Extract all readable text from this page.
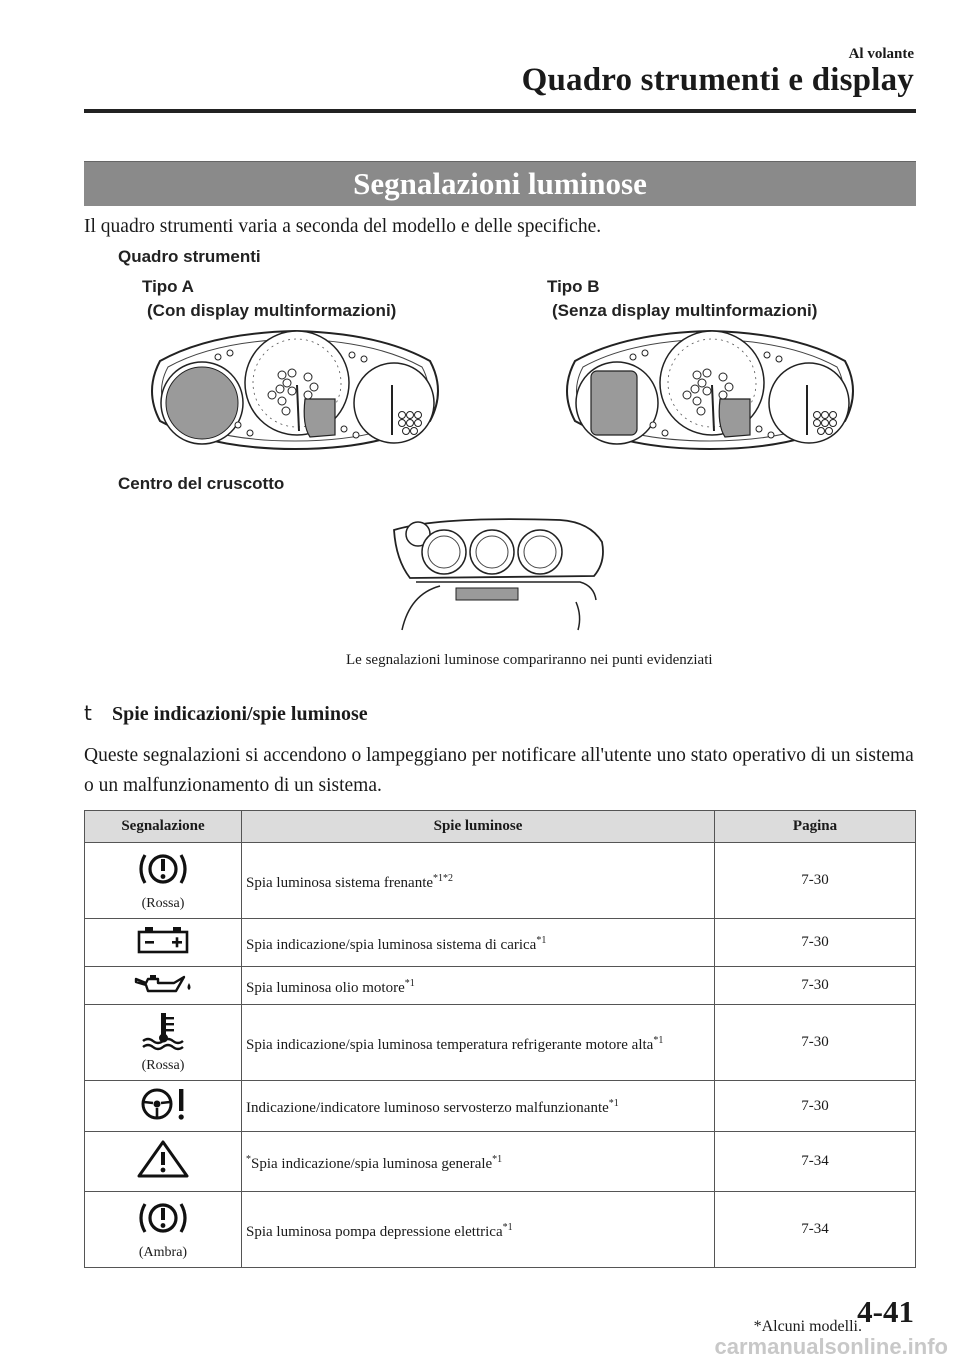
Al volante
Quadro strumenti e display
Segnalazioni luminose
Il quadro strumenti varia a seconda del modello e delle specifiche.
Quadro strumenti
Tipo A
(Con display multinformazioni)
Tipo B
(Senza display multinformazioni)
Centro del cruscotto
Le segnalazioni luminose compariranno nei punti evidenziati
t Spie indicazioni/spie luminose
Queste segnalazioni si accendono o lampeggiano per notificare all'utente uno stato operativo di un sistema o un malfunzionamento di un sistema.
Segnalazione	Spie luminose	Pagina

(Rossa)	Spia luminosa sistema frenante$^{*1*2}$	7-30
	Spia indicazione/spia luminosa sistema di carica$^{*1}$	7-30
	Spia luminosa olio motore$^{*1}$	7-30

(Rossa)	Spia indicazione/spia luminosa temperatura refrigerante motore alta$^{*1}$	7-30
	Indicazione/indicatore luminoso servosterzo malfunzionante$^{*1}$	7-30
	*Spia indicazione/spia luminosa generale$^{*1}$	7-34

(Ambra)	Spia luminosa pompa depressione elettrica$^{*1}$	7-34
4-41
*Alcuni modelli.
carmanualsonline.info
